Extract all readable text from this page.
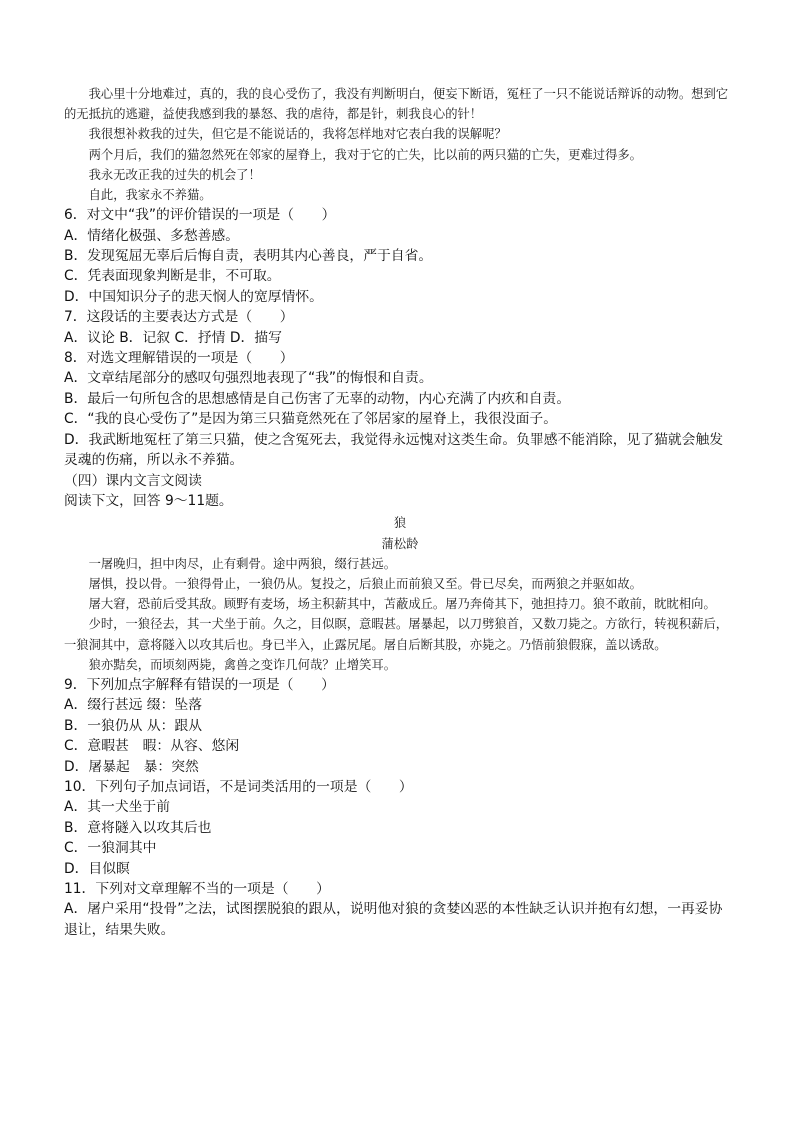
我心里十分地难过，真的，我的良心受伤了，我没有判断明白，便妄下断语，冤枉了一只不能说话辩诉的动物。想到它的无抵抗的逃避，益使我感到我的暴怒、我的虐待，都是针，刺我良心的针！

我很想补救我的过失，但它是不能说话的，我将怎样地对它表白我的误解呢？

两个月后，我们的猫忽然死在邻家的屋脊上，我对于它的亡失，比以前的两只猫的亡失，更难过得多。

我永无改正我的过失的机会了！

自此，我家永不养猫。

6．对文中“我”的评价错误的一项是（　　）

A．情绪化极强、多愁善感。

B．发现冤屈无辜后后悔自责，表明其内心善良，严于自省。

C．凭表面现象判断是非，不可取。

D．中国知识分子的悲天悯人的宽厚情怀。

7．这段话的主要表达方式是（　　）

A．议论 B．记叙 C．抒情 D．描写

8．对选文理解错误的一项是（　　）

A．文章结尾部分的感叹句强烈地表现了“我”的悔恨和自责。

B．最后一句所包含的思想感情是自己伤害了无辜的动物，内心充满了内疚和自责。

C．“我的良心受伤了”是因为第三只猫竟然死在了邻居家的屋脊上，我很没面子。

D．我武断地冤枉了第三只猫，使之含冤死去，我觉得永远愧对这类生命。负罪感不能消除，见了猫就会触发灵魂的伤痛，所以永不养猫。

（四）课内文言文阅读

阅读下文，回答 9～11题。

狼

蒲松龄

一屠晚归，担中肉尽，止有剩骨。途中两狼，缀行甚远。

屠惧，投以骨。一狼得骨止，一狼仍从。复投之，后狼止而前狼又至。骨已尽矣，而两狼之并驱如故。

屠大窘，恐前后受其敌。顾野有麦场，场主积薪其中，苫蔽成丘。屠乃奔倚其下，弛担持刀。狼不敢前，眈眈相向。

少时，一狼径去，其一犬坐于前。久之，目似瞑，意暇甚。屠暴起，以刀劈狼首，又数刀毙之。方欲行，转视积薪后，一狼洞其中，意将隧入以攻其后也。身已半入，止露尻尾。屠自后断其股，亦毙之。乃悟前狼假寐，盖以诱敌。

狼亦黠矣，而顷刻两毙，禽兽之变诈几何哉？止增笑耳。

9．下列加点字解释有错误的一项是（　　）

A．缀行甚远 缀：坠落

B．一狼仍从 从：跟从

C．意暇甚　暇：从容、悠闲

D．屠暴起　暴：突然

10．下列句子加点词语，不是词类活用的一项是（　　）

A．其一犬坐于前

B．意将隧入以攻其后也

C．一狼洞其中

D．目似瞑

11．下列对文章理解不当的一项是（　　）

A．屠户采用“投骨”之法，试图摆脱狼的跟从，说明他对狼的贪婪凶恶的本性缺乏认识并抱有幻想，一再妥协退让，结果失败。
